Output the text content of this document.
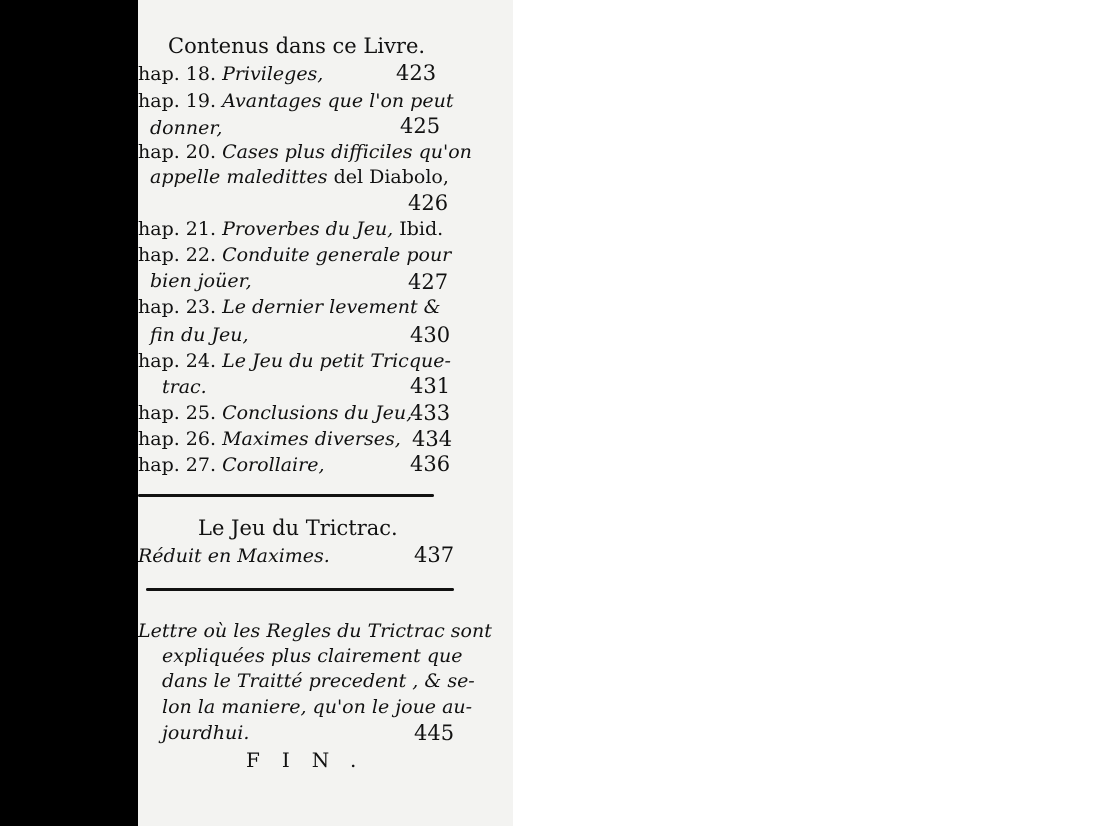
Contenus dans ce Livre.
hap. 18. Privileges,	423
hap. 19. Avantages que l'on peut
donner,	425
hap. 20. Cases plus difficiles qu'on
appelle maledittes del Diabolo,
426
hap. 21. Proverbes du Jeu, Ibid.
hap. 22. Conduite generale pour
bien joüer,	427
hap. 23. Le dernier levement &
fin du Jeu,	430
hap. 24. Le Jeu du petit Tricque-
trac.	431
hap. 25. Conclusions du Jeu,
433
hap. 26. Maximes diverses, 434
hap. 27. Corollaire,	436
Le Jeu du Trictrac.
Réduit en Maximes.	437
Lettre où les Regles du Trictrac sont
expliquées plus clairement que
dans le Traitté precedent , & se-
lon la maniere, qu'on le joue au-
jourdhui.	445
FIN.
